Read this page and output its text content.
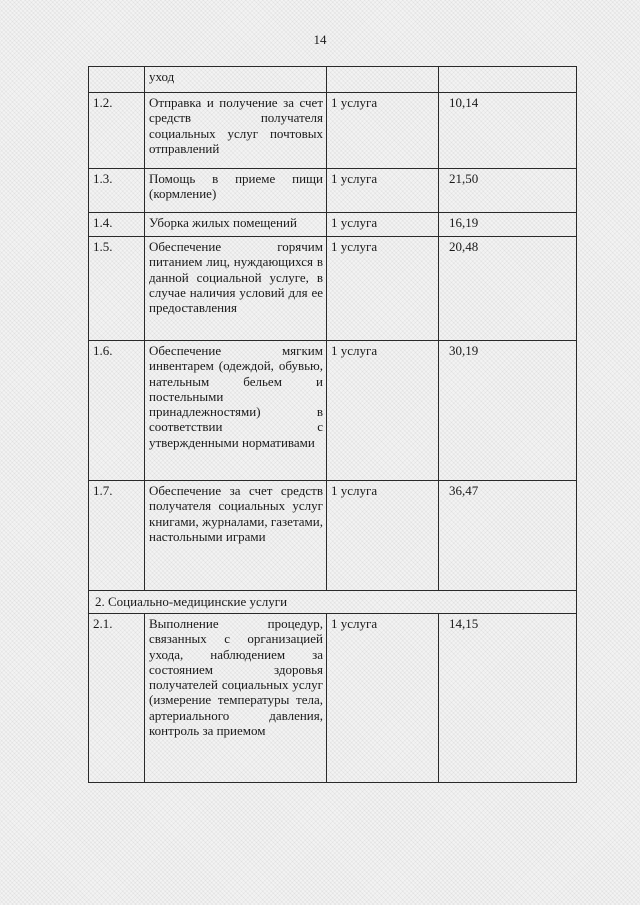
14
	уход		
1.2.	Отправка и получение за счет средств получателя социальных услуг почтовых отправлений	1 услуга	10,14
1.3.	Помощь в приеме пищи (кормление)	1 услуга	21,50
1.4.	Уборка жилых помещений	1 услуга	16,19
1.5.	Обеспечение горячим питанием лиц, нуждающихся в данной социальной услуге, в случае наличия условий для ее предоставления	1 услуга	20,48
1.6.	Обеспечение мягким инвентарем (одеждой, обувью, нательным бельем и постельными принадлежностями) в соответствии с утвержденными нормативами	1 услуга	30,19
1.7.	Обеспечение за счет средств получателя социальных услуг книгами, журналами, газетами, настольными играми	1 услуга	36,47
2. Социально-медицинские услуги			
2.1.	Выполнение процедур, связанных с организацией ухода, наблюдением за состоянием здоровья получателей социальных услуг (измерение температуры тела, артериального давления, контроль за приемом	1 услуга	14,15
